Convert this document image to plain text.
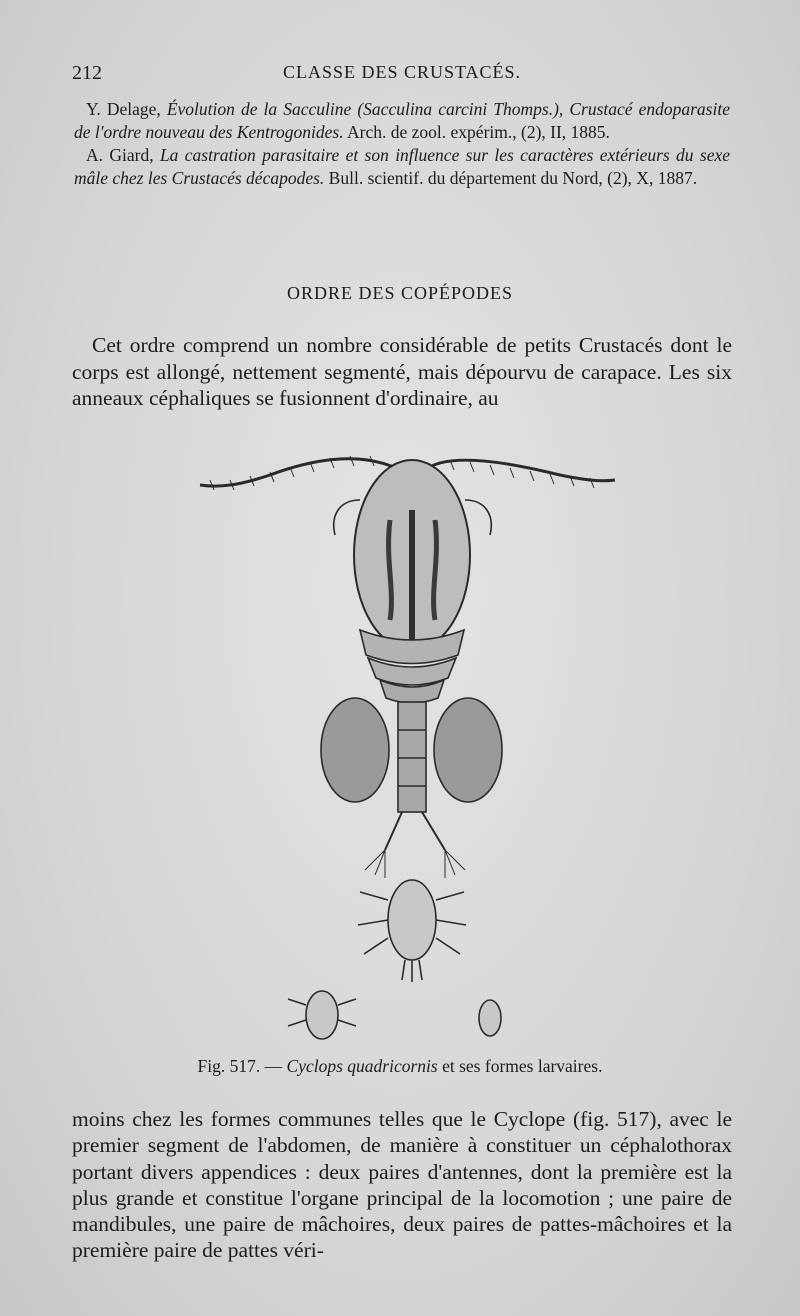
212	CLASSE DES CRUSTACÉS.

Y. Delage, Évolution de la Sacculine (Sacculina carcini Thomps.), Crustacé endoparasite de l'ordre nouveau des Kentrogonides. Arch. de zool. expérim., (2), II, 1885.

A. Giard, La castration parasitaire et son influence sur les caractères extérieurs du sexe mâle chez les Crustacés décapodes. Bull. scientif. du département du Nord, (2), X, 1887.

ORDRE DES COPÉPODES

Cet ordre comprend un nombre considérable de petits Crustacés dont le corps est allongé, nettement segmenté, mais dépourvu de carapace. Les six anneaux céphaliques se fusionnent d'ordinaire, au

Fig. 517. — Cyclops quadricornis et ses formes larvaires.

moins chez les formes communes telles que le Cyclope (fig. 517), avec le premier segment de l'abdomen, de manière à constituer un céphalothorax portant divers appendices : deux paires d'antennes, dont la première est la plus grande et constitue l'organe principal de la locomotion ; une paire de mandibules, une paire de mâchoires, deux paires de pattes-mâchoires et la première paire de pattes véri-
